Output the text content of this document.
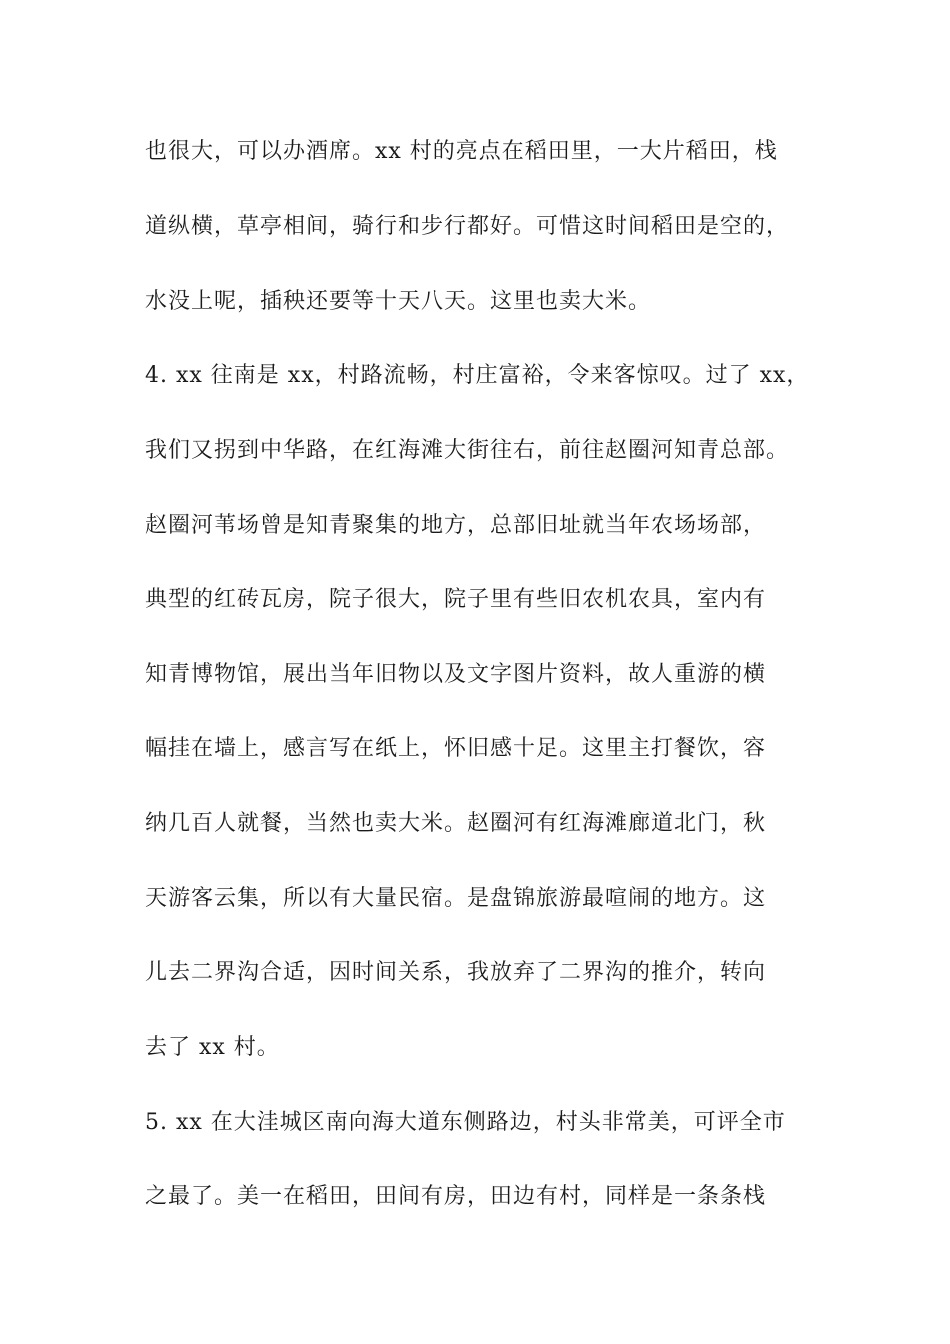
也很大，可以办酒席。xx 村的亮点在稻田里，一大片稻田，栈
道纵横，草亭相间，骑行和步行都好。可惜这时间稻田是空的，
水没上呢，插秧还要等十天八天。这里也卖大米。
4. xx 往南是 xx，村路流畅，村庄富裕，令来客惊叹。过了 xx，
我们又拐到中华路，在红海滩大街往右，前往赵圈河知青总部。
赵圈河苇场曾是知青聚集的地方，总部旧址就当年农场场部，
典型的红砖瓦房，院子很大，院子里有些旧农机农具，室内有
知青博物馆，展出当年旧物以及文字图片资料，故人重游的横
幅挂在墙上，感言写在纸上，怀旧感十足。这里主打餐饮，容
纳几百人就餐，当然也卖大米。赵圈河有红海滩廊道北门，秋
天游客云集，所以有大量民宿。是盘锦旅游最喧闹的地方。这
儿去二界沟合适，因时间关系，我放弃了二界沟的推介，转向
去了 xx 村。
5. xx 在大洼城区南向海大道东侧路边，村头非常美，可评全市
之最了。美一在稻田，田间有房，田边有村，同样是一条条栈
